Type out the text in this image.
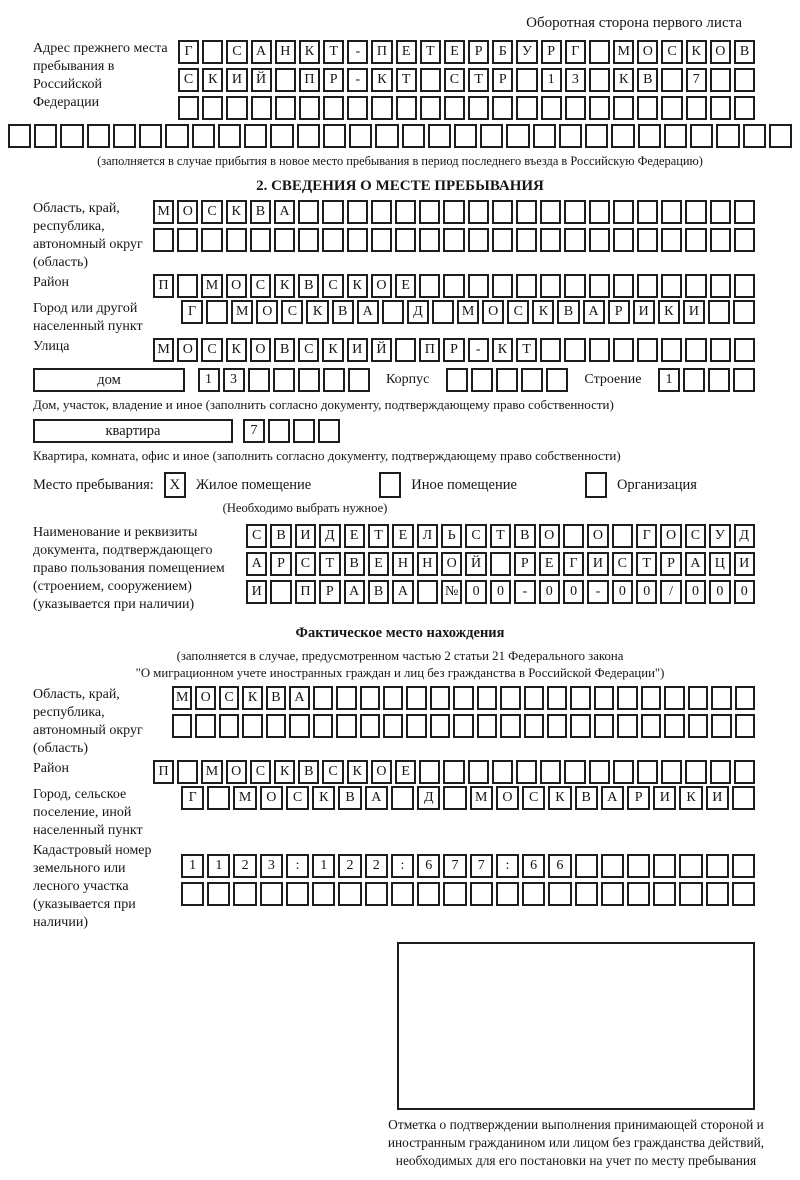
Оборотная сторона первого листа
Адрес прежнего места пребывания в Российской Федерации
Г	С	А	Н	К	Т	-	П	Е	Т	Е	Р	Б	У	Р	Г	М О	С	К	О	В
С	К	И	Й	П	Р	-	К	Т	С	Т	Р	1	3	К	В	7
(заполняется в случае прибытия в новое место пребывания в период последнего въезда в Российскую Федерацию)
2. СВЕДЕНИЯ О МЕСТЕ ПРЕБЫВАНИЯ
Область, край, республика, автономный округ (область)
М О	С	К	В	А
Район	П	М О	С	К	В	С	К	О	Е
Город или другой населенный пункт
Г	М О	С	К	В	А	Д	М О	С	К	В	А	Р	И	К	И
Улица	М О	С	К	О	В	С	К	И	Й	П	Р	-	К	Т
дом	1	3	Корпус	Строение	1
Дом, участок, владение и иное (заполнить согласно документу, подтверждающему право собственности)
квартира	7
Квартира, комната, офис и иное (заполнить согласно документу, подтверждающему право собственности)
Место пребывания:	X	Жилое помещение	Иное помещение	Организация
(Необходимо выбрать нужное)
Наименование и реквизиты документа, подтверждающего право пользования помещением (строением, сооружением) (указывается при наличии)
С	В	И	Д	Е	Т	Е	Л	Ь	С	Т	В	О	О	Г	О	С	У	Д
А	Р	С	Т	В	Е	Н	Н	О	Й	Р	Е	Г	И	С	Т	Р	А	Ц	И
И	П	Р	А	В	А	№	0	0	-	0	0	-	0	0	/	0	0	0
Фактическое место нахождения
(заполняется в случае, предусмотренном частью 2 статьи 21 Федерального закона
"О миграционном учете иностранных граждан и лиц без гражданства в Российской Федерации")
Область, край, республика, автономный округ (область)
М О С	К	В А
Район	П	М О	С	К	В	С	К	О	Е
Город, сельское поселение, иной населенный пункт
Г	М	О	С	К	В	А	Д	М	О	С	К	В	А	Р	И	К	И
Кадастровый номер земельного или лесного участка (указывается при наличии)
1	1	2	3	:	1	2	2	:	6	7	7	:	6	6
Отметка о подтверждении выполнения принимающей стороной и иностранным гражданином или лицом без гражданства действий, необходимых для его постановки на учет по месту пребывания
